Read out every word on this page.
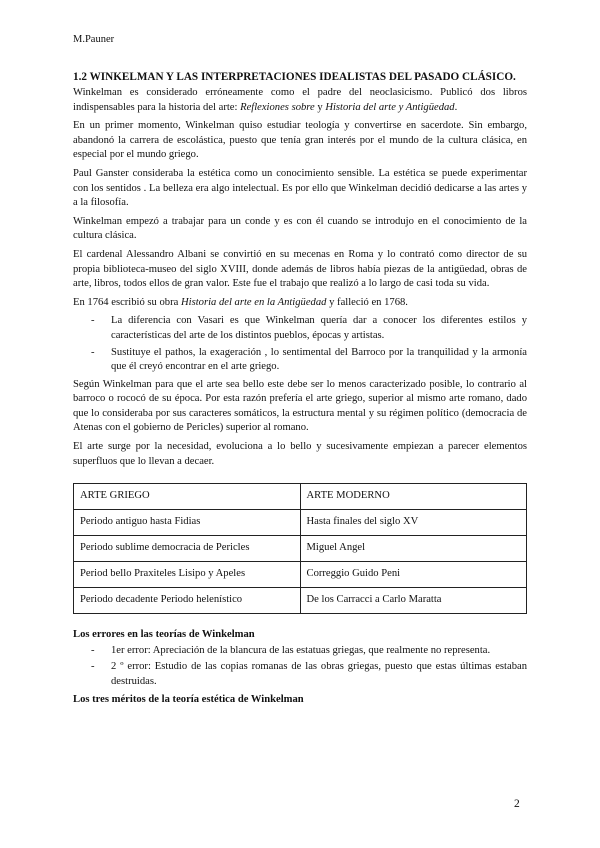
M.Pauner
1.2 WINKELMAN Y LAS INTERPRETACIONES IDEALISTAS DEL PASADO CLÁSICO.

Winkelman es considerado erróneamente como el padre del neoclasicismo. Publicó dos libros indispensables para la historia del arte: Reflexiones sobre y Historia del arte y Antigüedad.

En un primer momento, Winkelman quiso estudiar teología y convertirse en sacerdote. Sin embargo, abandonó la carrera de escolástica, puesto que tenía gran interés por el mundo de la cultura clásica, en especial por el mundo griego.

Paul Ganster consideraba la estética como un conocimiento sensible. La estética se puede experimentar con los sentidos . La belleza era algo intelectual. Es por ello que Winkelman decidió dedicarse a las artes y a la filosofía.

Winkelman empezó a trabajar para un conde y es con él cuando se introdujo en el conocimiento de la cultura clásica.

El cardenal Alessandro Albani se convirtió en su mecenas en Roma y lo contrató como director de su propia biblioteca-museo del siglo XVIII, donde además de libros había piezas de la antigüedad, obras de arte, libros, todos ellos de gran valor. Este fue el trabajo que realizó a lo largo de casi toda su vida.

En 1764 escribió su obra Historia del arte en la Antigüedad y falleció en 1768.

- La diferencia con Vasari es que Winkelman quería dar a conocer los diferentes estilos y características del arte de los distintos pueblos, épocas y artistas.
- Sustituye el pathos, la exageración , lo sentimental del Barroco por la tranquilidad y la armonía que él creyó encontrar en el arte griego.

Según Winkelman para que el arte sea bello este debe ser lo menos caracterizado posible, lo contrario al barroco o rococó de su época. Por esta razón prefería el arte griego, superior al mismo arte romano, dado que lo consideraba por sus caracteres somáticos, la estructura mental y su régimen político (democracia de Atenas con el gobierno de Pericles) superior al romano.

El arte surge por la necesidad, evoluciona a lo bello y sucesivamente empiezan a parecer elementos superfluos que lo llevan a decaer.

ARTE GRIEGO	ARTE MODERNO
Periodo antiguo hasta Fidias	Hasta finales del siglo XV
Periodo sublime democracia de Pericles	Miguel Angel
Period bello Praxiteles Lisipo y Apeles	Correggio Guido Peni
Periodo decadente Periodo helenístico	De los Carracci a Carlo Maratta
Los errores en las teorías de Winkelman
- 1er error: Apreciación de la blancura de las estatuas griegas, que realmente no representa.
- 2 º error: Estudio de las copias romanas de las obras griegas, puesto que estas últimas estaban destruidas.
Los tres méritos de la teoría estética de Winkelman
2
